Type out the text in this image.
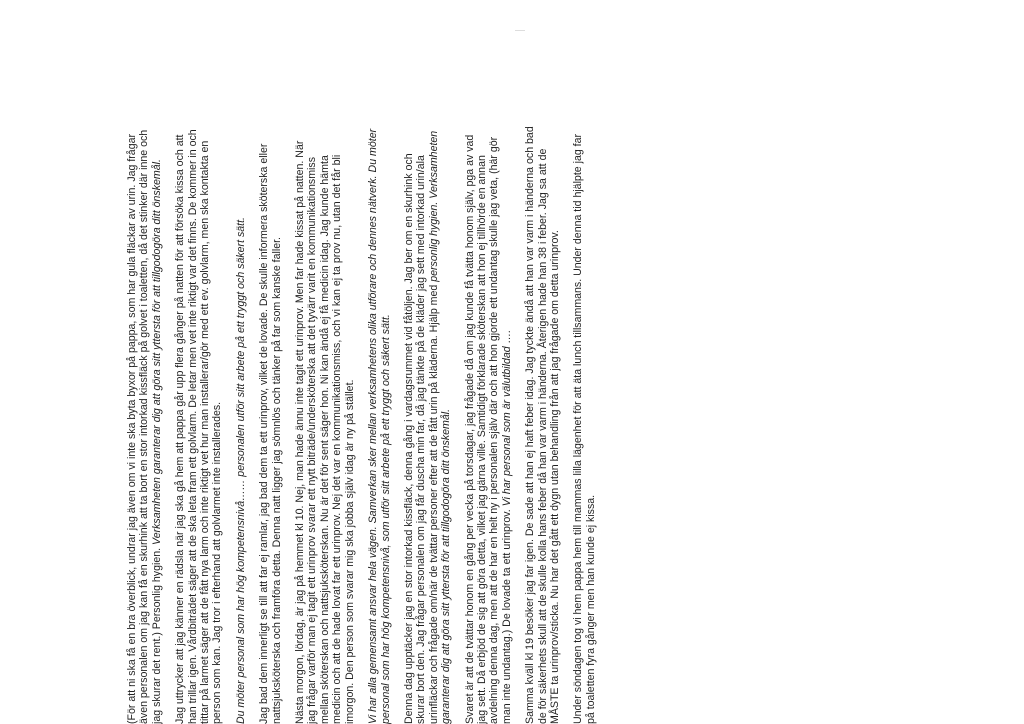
(För att ni ska få en bra överblick, undrar jag även om vi inte ska byta byxor på pappa, som har gula fläckar av urin. Jag frågar även personalen om jag kan få en skurhink att ta bort en stor intorkad kissfläck på golvet i toaletten, då det stinker där inne och jag skurar det rent.) Personlig hygien. Verksamheten garanterar dig att göra sitt yttersta för att tillgodogöra ditt önskemål. Jag uttrycker att jag känner en rädsla när jag ska gå hem att pappa går upp flera gånger på natten för att försöka kissa och att han trillar igen. Vårdbiträdet säger att de ska leta fram ett golvlarm. De letar men vet inte riktigt var det finns. De kommer in och tittar på larmet säger att de fått nya larm och inte riktigt vet hur man installerar/gör med ett ev. golvlarm, men ska kontakta en person som kan. Jag tror i efterhand att golvlarmet inte installerades. Du möter personal som har hög kompetensnivå…… personalen utför sitt arbete på ett tryggt och säkert sätt. Jag bad dem innerligt se till att far ej ramlar, jag bad dem ta ett urinprov, vilket de lovade. De skulle informera sköterska eller nattsjuksköterska och framföra detta. Denna natt ligger jag sömnlös och tänker på far som kanske faller. Nästa morgon, lördag, är jag på hemmet kl 10. Nej, man hade ännu inte tagit ett urinprov. Men far hade kissat på natten. När jag frågar varför man ej tagit ett urinprov svarar ett nytt biträde/undersköterska att det tyvärr varit en kommunikationsmiss mellan sköterskan och nattsjuksköterskan. Nu är det för sent säger hon. Ni kan ändå ej få medicin idag. Jag kunde hämta medicin och att de hade lovat far ett urinprov. Nej det var en kommunikationsmiss, och vi kan ej ta prov nu, utan det får bli imorgon. Den person som svarar mig ska jobba själv idag är ny på stället. Vi har alla gemensamt ansvar hela vägen. Samverkan sker mellan verksamhetens olika utförare och dennes nätverk. Du möter personal som har hög kompetensnivå, som utför sitt arbete på ett tryggt och säkert sätt. Denna dag upptäcker jag en stor intorkad kissfläck, denna gång i vardagsrummet vid fåtöljen. Jag ber om en skurhink och skurar bort den. Jag frågar personalen om jag får duscha min far, då jag tänkte på de kläder jag sett med intorkad urin/ala urinfläckar och frågade om/när de tvättar personer efter att de fått urin på kläderna. Hjälp med personlig hygien. Verksamheten garanterar dig att göra sitt yttersta för att tillgodogöra ditt önskemål. Svaret är att de tvättar honom en gång per vecka på torsdagar, jag frågade då om jag kunde få tvätta honom själv, pga av vad jag sett. Då erbjöd de sig att göra detta, vilket jag gärna ville. Samtidigt förklarade sköterskan att hon ej tillhörde en annan avdelning denna dag, men att de har en helt ny i personalen själv där och att hon gjorde ett undantag skulle jag veta, (här gör man inte undantag.) De lovade ta ett urinprov. Vi har personal som är välutbildad …. Samma kväll kl 19 besöker jag far igen. De sade att han ej haft feber idag. Jag tyckte ändå att han var varm i händerna och bad de för säkerhets skull att de skulle kolla hans feber då han var varm i händerna. Återigen hade han 38 i feber. Jag sa att de MÅSTE ta urinprov/sticka. Nu har det gått ett dygn utan behandling från att jag frågade om detta urinprov. Under söndagen tog vi hem pappa hem till mammas lilla lägenhet för att äta lunch tillsammans. Under denna tid hjälpte jag far på toaletten fyra gånger men han kunde ej kissa.
